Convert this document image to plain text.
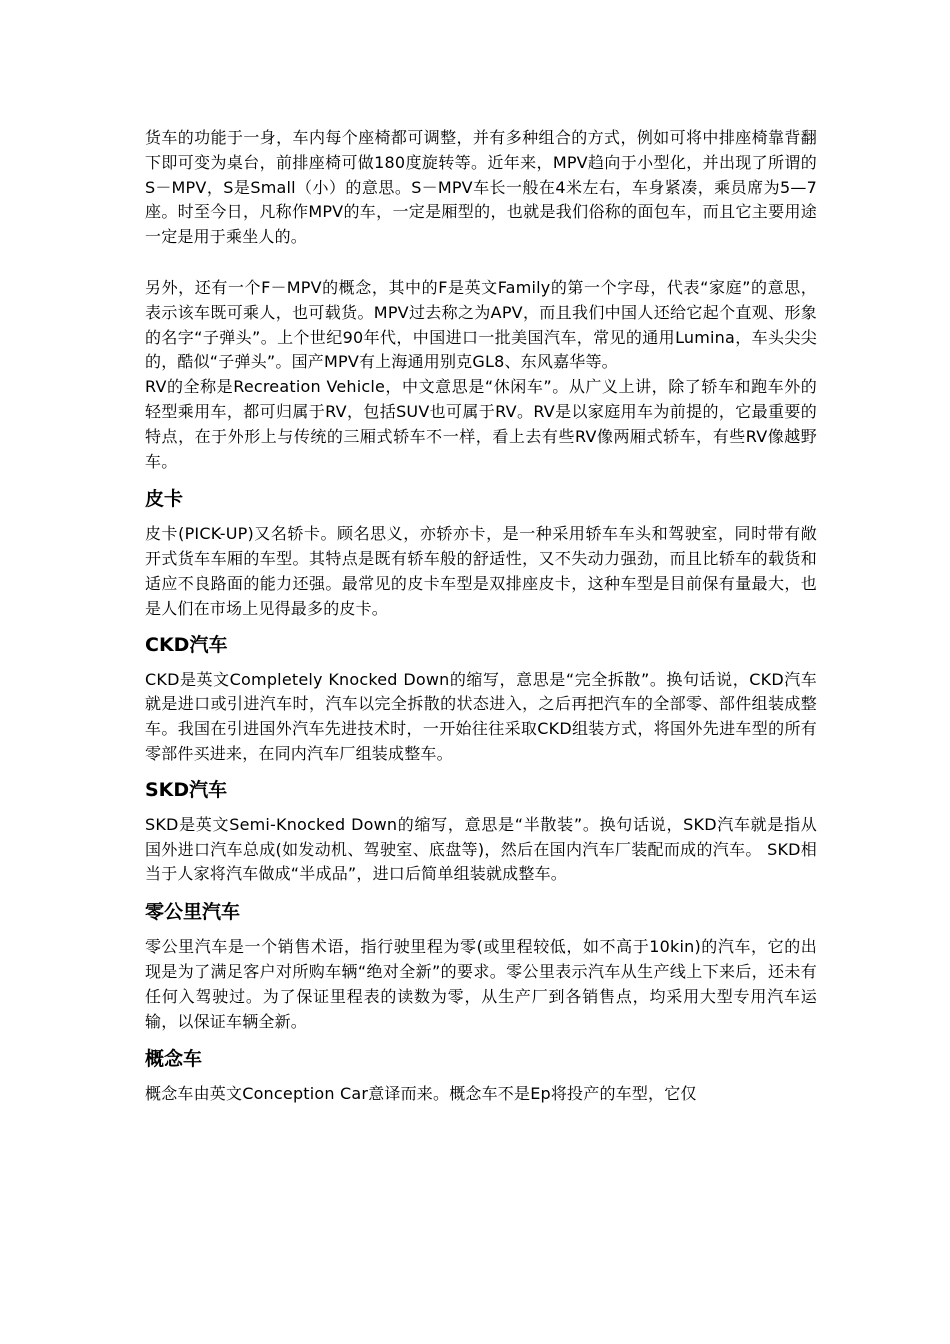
货车的功能于一身，车内每个座椅都可调整，并有多种组合的方式，例如可将中排座椅靠背翻下即可变为桌台，前排座椅可做180度旋转等。近年来，MPV趋向于小型化，并出现了所谓的S－MPV，S是Small（小）的意思。S－MPV车长一般在4米左右，车身紧凑，乘员席为5—7座。时至今日，凡称作MPV的车，一定是厢型的，也就是我们俗称的面包车，而且它主要用途一定是用于乘坐人的。

另外，还有一个F－MPV的概念，其中的F是英文Family的第一个字母，代表“家庭”的意思，表示该车既可乘人，也可载货。MPV过去称之为APV，而且我们中国人还给它起个直观、形象的名字“子弹头”。上个世纪90年代，中国进口一批美国汽车，常见的通用Lumina，车头尖尖的，酷似“子弹头”。国产MPV有上海通用别克GL8、东风嘉华等。

RV的全称是Recreation Vehicle，中文意思是“休闲车”。从广义上讲，除了轿车和跑车外的轻型乘用车，都可归属于RV，包括SUV也可属于RV。RV是以家庭用车为前提的，它最重要的特点，在于外形上与传统的三厢式轿车不一样，看上去有些RV像两厢式轿车，有些RV像越野车。

皮卡

皮卡(PICK-UP)又名轿卡。顾名思义，亦轿亦卡，是一种采用轿车车头和驾驶室，同时带有敞开式货车车厢的车型。其特点是既有轿车般的舒适性，又不失动力强劲，而且比轿车的载货和适应不良路面的能力还强。最常见的皮卡车型是双排座皮卡，这种车型是目前保有量最大，也是人们在市场上见得最多的皮卡。

CKD汽车

CKD是英文Completely Knocked Down的缩写，意思是“完全拆散”。换句话说，CKD汽车就是进口或引进汽车时，汽车以完全拆散的状态进入，之后再把汽车的全部零、部件组装成整车。我国在引进国外汽车先进技术时，一开始往往采取CKD组装方式，将国外先进车型的所有零部件买进来，在同内汽车厂组装成整车。

SKD汽车

SKD是英文Semi-Knocked Down的缩写，意思是“半散装”。换句话说，SKD汽车就是指从国外进口汽车总成(如发动机、驾驶室、底盘等)，然后在国内汽车厂装配而成的汽车。 SKD相当于人家将汽车做成“半成品”，进口后简单组装就成整车。

零公里汽车

零公里汽车是一个销售术语，指行驶里程为零(或里程较低，如不高于10kin)的汽车，它的出现是为了满足客户对所购车辆“绝对全新”的要求。零公里表示汽车从生产线上下来后，还未有任何入驾驶过。为了保证里程表的读数为零，从生产厂到各销售点，均采用大型专用汽车运输，以保证车辆全新。

概念车

概念车由英文Conception Car意译而来。概念车不是Ep将投产的车型，它仅
